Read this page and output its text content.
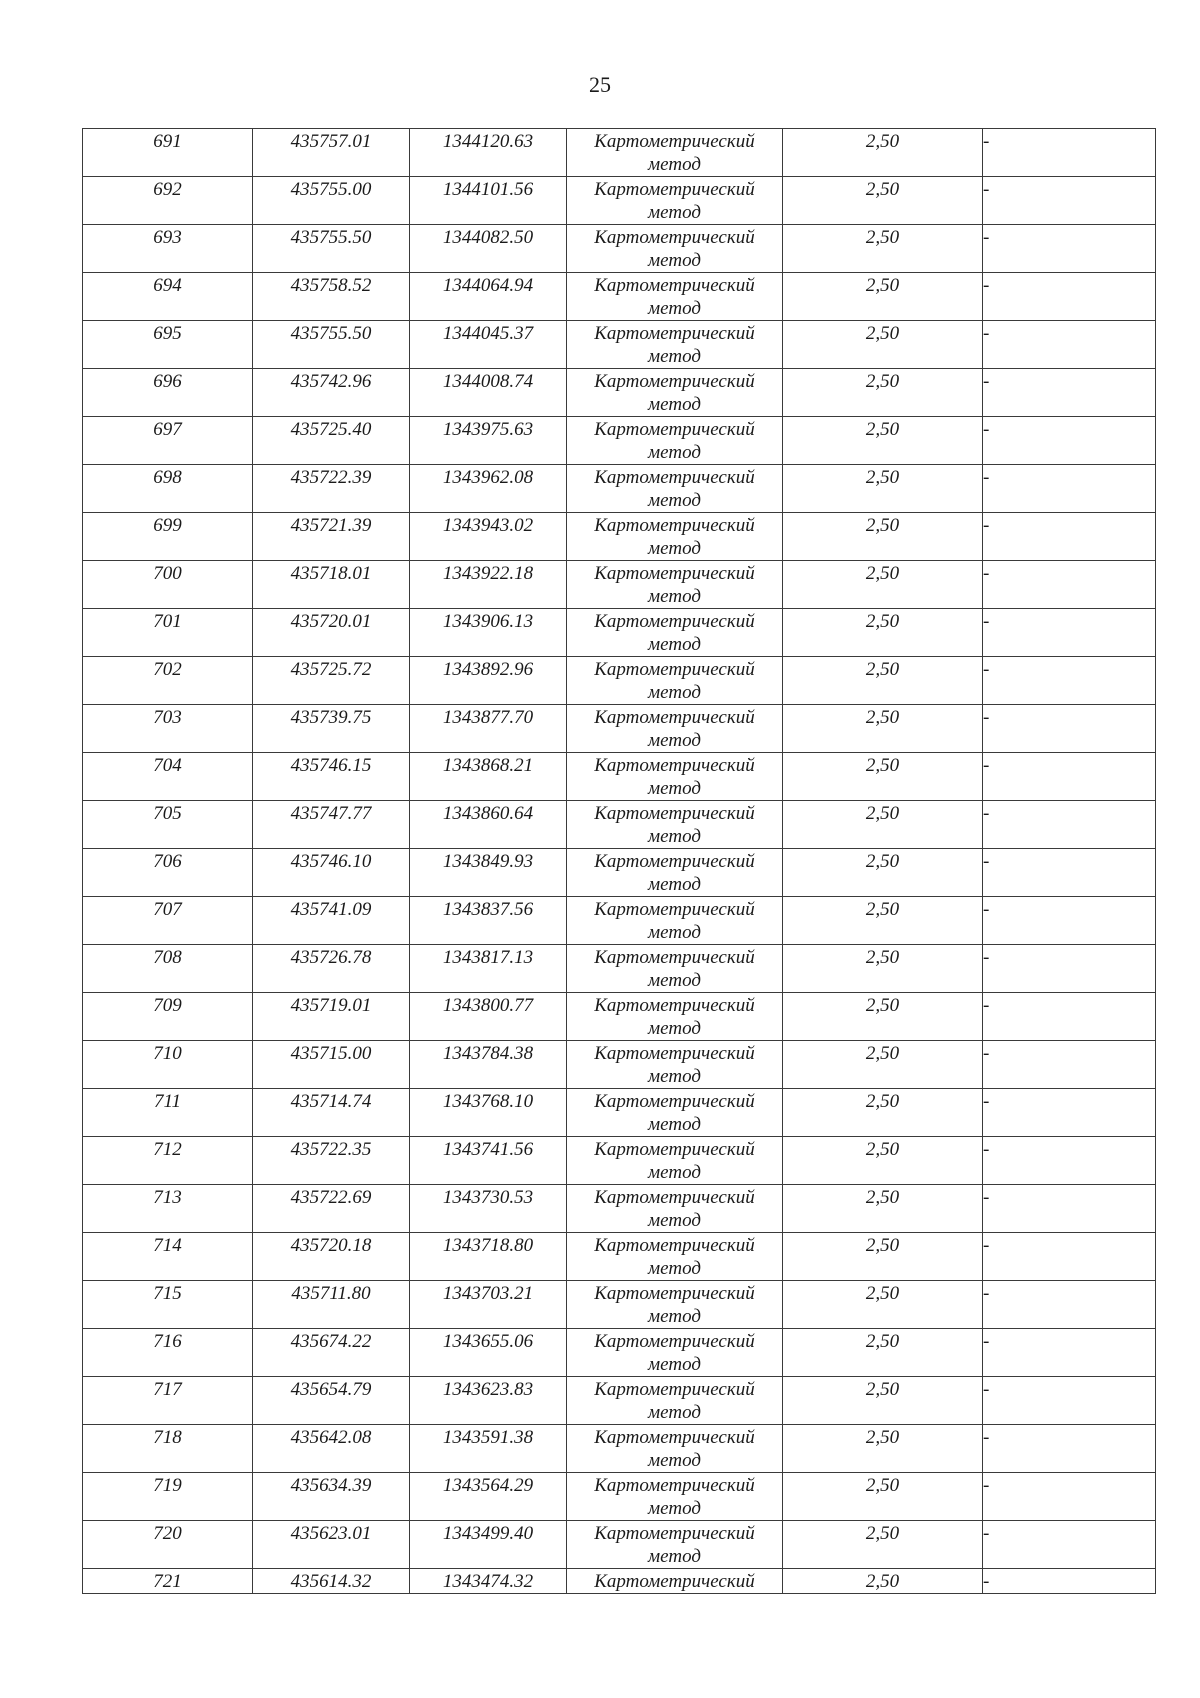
25
691	435757.01	1344120.63	Картометрический
метод	2,50	-

692	435755.00	1344101.56	Картометрический
метод	2,50	-

693	435755.50	1344082.50	Картометрический
метод	2,50	-

694	435758.52	1344064.94	Картометрический
метод	2,50	-

695	435755.50	1344045.37	Картометрический
метод	2,50	-

696	435742.96	1344008.74	Картометрический
метод	2,50	-

697	435725.40	1343975.63	Картометрический
метод	2,50	-

698	435722.39	1343962.08	Картометрический
метод	2,50	-

699	435721.39	1343943.02	Картометрический
метод	2,50	-

700	435718.01	1343922.18	Картометрический
метод	2,50	-

701	435720.01	1343906.13	Картометрический
метод	2,50	-

702	435725.72	1343892.96	Картометрический
метод	2,50	-

703	435739.75	1343877.70	Картометрический
метод	2,50	-

704	435746.15	1343868.21	Картометрический
метод	2,50	-

705	435747.77	1343860.64	Картометрический
метод	2,50	-

706	435746.10	1343849.93	Картометрический
метод	2,50	-

707	435741.09	1343837.56	Картометрический
метод	2,50	-

708	435726.78	1343817.13	Картометрический
метод	2,50	-

709	435719.01	1343800.77	Картометрический
метод	2,50	-

710	435715.00	1343784.38	Картометрический
метод	2,50	-

711	435714.74	1343768.10	Картометрический
метод	2,50	-

712	435722.35	1343741.56	Картометрический
метод	2,50	-

713	435722.69	1343730.53	Картометрический
метод	2,50	-

714	435720.18	1343718.80	Картометрический
метод	2,50	-

715	435711.80	1343703.21	Картометрический
метод	2,50	-

716	435674.22	1343655.06	Картометрический
метод	2,50	-

717	435654.79	1343623.83	Картометрический
метод	2,50	-

718	435642.08	1343591.38	Картометрический
метод	2,50	-

719	435634.39	1343564.29	Картометрический
метод	2,50	-

720	435623.01	1343499.40	Картометрический
метод	2,50	-

721	435614.32	1343474.32	Картометрический	2,50	-
